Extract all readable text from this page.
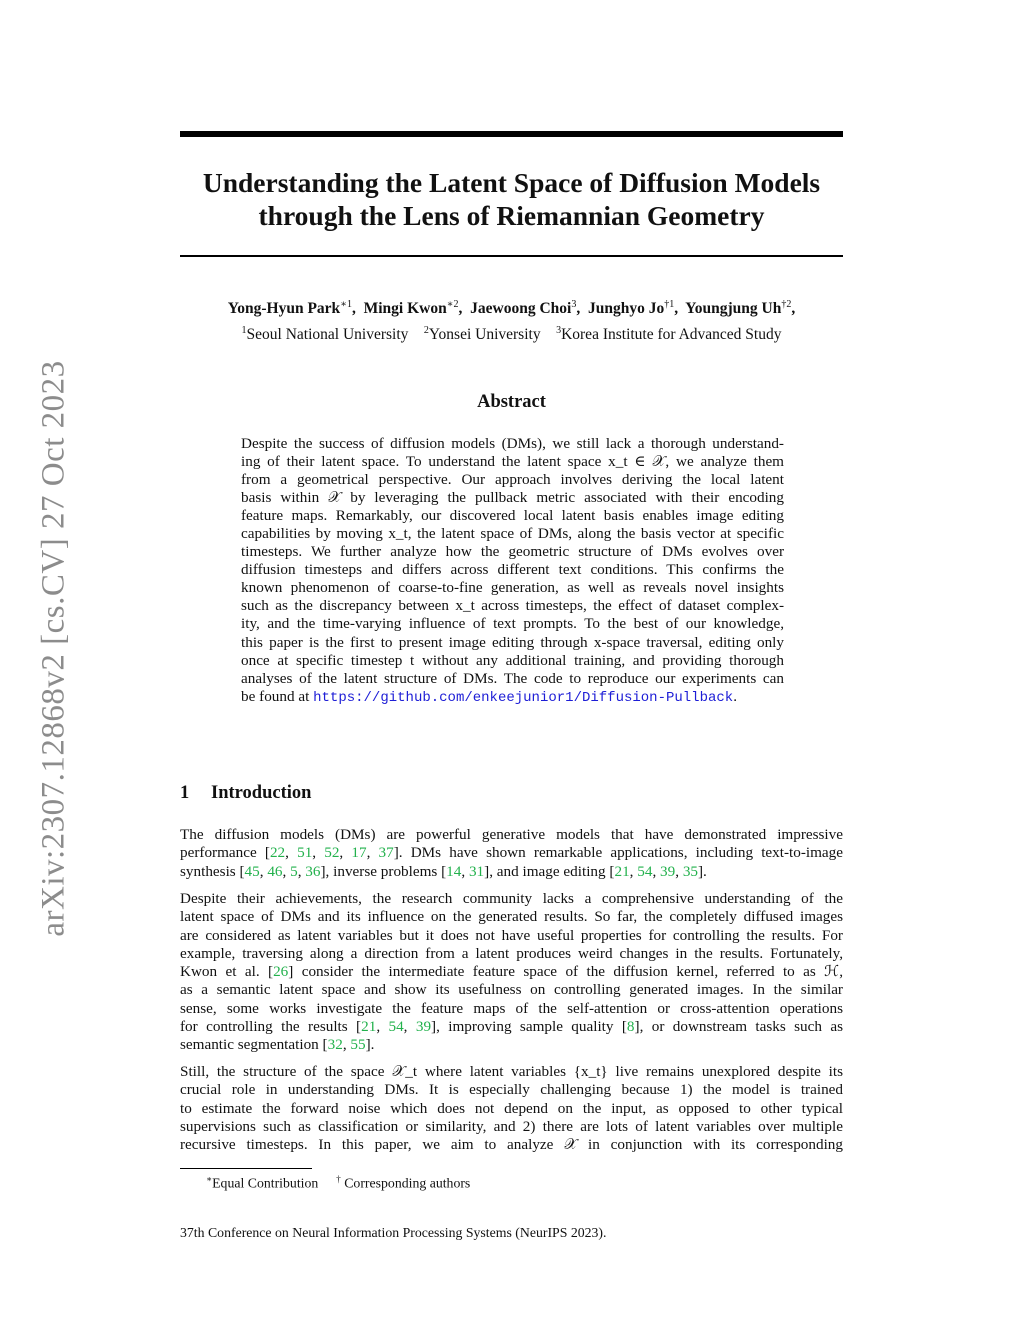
arXiv:2307.12868v2 [cs.CV] 27 Oct 2023
Understanding the Latent Space of Diffusion Models
through the Lens of Riemannian Geometry
Yong-Hyun Park$^{∗1}$,  Mingi Kwon$^{∗2}$,  Jaewoong Choi$^3$,  Junghyo Jo$^{\dagger 1}$,  Youngjung Uh$^{\dagger 2}$,
$^1$Seoul National University $^2$Yonsei University $^3$Korea Institute for Advanced Study
Abstract
Despite the success of diffusion models (DMs), we still lack a thorough understand-
ing of their latent space. To understand the latent space x_t ∈ 𝒳, we analyze them
from a geometrical perspective. Our approach involves deriving the local latent
basis within 𝒳 by leveraging the pullback metric associated with their encoding
feature maps. Remarkably, our discovered local latent basis enables image editing
capabilities by moving x_t, the latent space of DMs, along the basis vector at specific
timesteps. We further analyze how the geometric structure of DMs evolves over
diffusion timesteps and differs across different text conditions. This confirms the
known phenomenon of coarse-to-fine generation, as well as reveals novel insights
such as the discrepancy between x_t across timesteps, the effect of dataset complex-
ity, and the time-varying influence of text prompts. To the best of our knowledge,
this paper is the first to present image editing through x-space traversal, editing only
once at specific timestep t without any additional training, and providing thorough
analyses of the latent structure of DMs. The code to reproduce our experiments can
be found at https://github.com/enkeejunior1/Diffusion-Pullback.
1 Introduction
The diffusion models (DMs) are powerful generative models that have demonstrated impressive
performance [22, 51, 52, 17, 37]. DMs have shown remarkable applications, including text-to-image
synthesis [45, 46, 5, 36], inverse problems [14, 31], and image editing [21, 54, 39, 35].
Despite their achievements, the research community lacks a comprehensive understanding of the
latent space of DMs and its influence on the generated results. So far, the completely diffused images
are considered as latent variables but it does not have useful properties for controlling the results. For
example, traversing along a direction from a latent produces weird changes in the results. Fortunately,
Kwon et al. [26] consider the intermediate feature space of the diffusion kernel, referred to as ℋ,
as a semantic latent space and show its usefulness on controlling generated images. In the similar
sense, some works investigate the feature maps of the self-attention or cross-attention operations
for controlling the results [21, 54, 39], improving sample quality [8], or downstream tasks such as
semantic segmentation [32, 55].
Still, the structure of the space 𝒳_t where latent variables {x_t} live remains unexplored despite its
crucial role in understanding DMs. It is especially challenging because 1) the model is trained
to estimate the forward noise which does not depend on the input, as opposed to other typical
supervisions such as classification or similarity, and 2) there are lots of latent variables over multiple
recursive timesteps. In this paper, we aim to analyze 𝒳 in conjunction with its corresponding
∗Equal Contribution † Corresponding authors
37th Conference on Neural Information Processing Systems (NeurIPS 2023).
